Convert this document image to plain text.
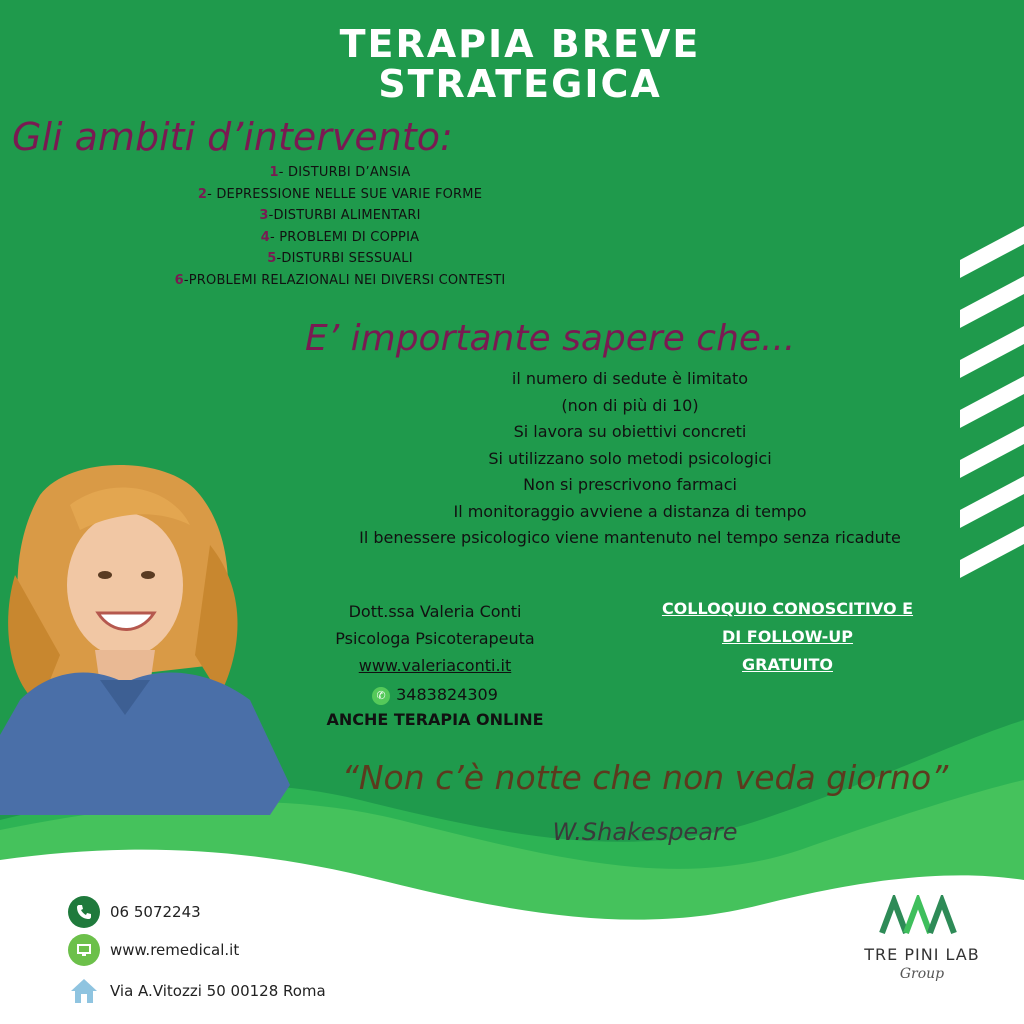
TERAPIA BREVE
STRATEGICA
Gli ambiti d’intervento:
1- DISTURBI D’ANSIA
2- DEPRESSIONE NELLE SUE VARIE FORME
3-DISTURBI ALIMENTARI
4- PROBLEMI DI COPPIA
5-DISTURBI SESSUALI
6-PROBLEMI RELAZIONALI NEI DIVERSI CONTESTI
E’ importante sapere che...
il numero di sedute è limitato
(non di più di 10)
Si lavora su obiettivi concreti
Si utilizzano solo metodi psicologici
Non si prescrivono farmaci
Il monitoraggio avviene a distanza di tempo
Il benessere psicologico viene mantenuto nel tempo senza ricadute
Dott.ssa Valeria Conti
Psicologa Psicoterapeuta
www.valeriaconti.it
✆ 3483824309
ANCHE TERAPIA ONLINE
COLLOQUIO CONOSCITIVO E
DI FOLLOW-UP
GRATUITO
“Non c’è notte che non veda giorno”
W.Shakespeare
06 5072243
www.remedical.it
Via A.Vitozzi 50 00128 Roma
TRE PINI LAB
Group
